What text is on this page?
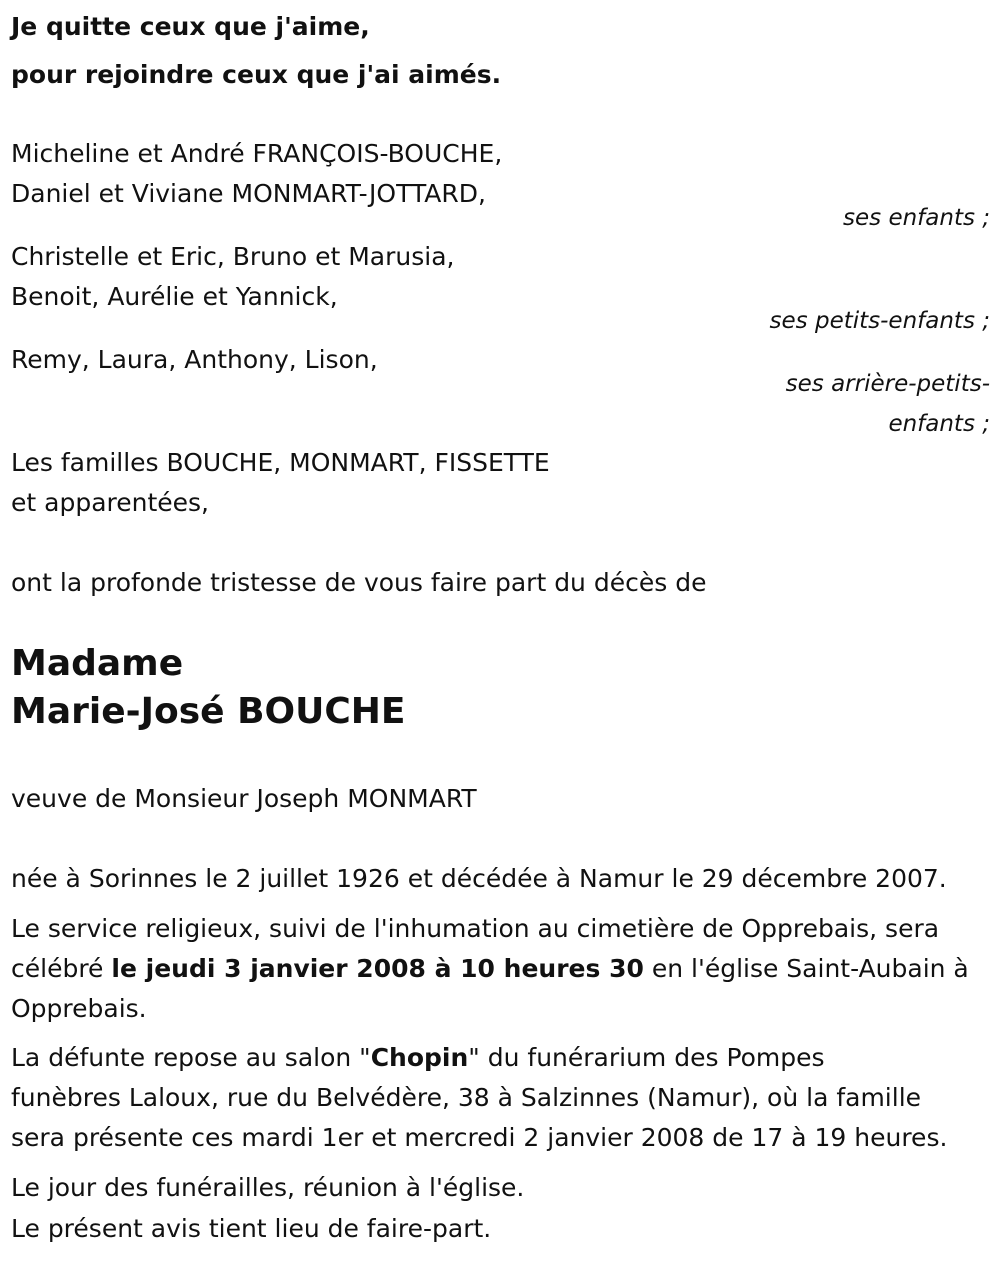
Je quitte ceux que j'aime,
pour rejoindre ceux que j'ai aimés.
Micheline et André FRANÇOIS-BOUCHE,
Daniel et Viviane MONMART-JOTTARD,
ses enfants ;
Christelle et Eric, Bruno et Marusia,
Benoit, Aurélie et Yannick,
ses petits-enfants ;
Remy, Laura, Anthony, Lison,
ses arrière-petits-
enfants ;
Les familles BOUCHE, MONMART, FISSETTE
et apparentées,
ont la profonde tristesse de vous faire part du décès de
Madame
Marie-José BOUCHE
veuve de Monsieur Joseph MONMART
née à Sorinnes le 2 juillet 1926 et décédée à Namur le 29 décembre 2007.
Le service religieux, suivi de l'inhumation au cimetière de Opprebais, sera
célébré le jeudi 3 janvier 2008 à 10 heures 30 en l'église Saint-Aubain à
Opprebais.
La défunte repose au salon "Chopin" du funérarium des Pompes
funèbres Laloux, rue du Belvédère, 38 à Salzinnes (Namur), où la famille
sera présente ces mardi 1er et mercredi 2 janvier 2008 de 17 à 19 heures.
Le jour des funérailles, réunion à l'église.
Le présent avis tient lieu de faire-part.
